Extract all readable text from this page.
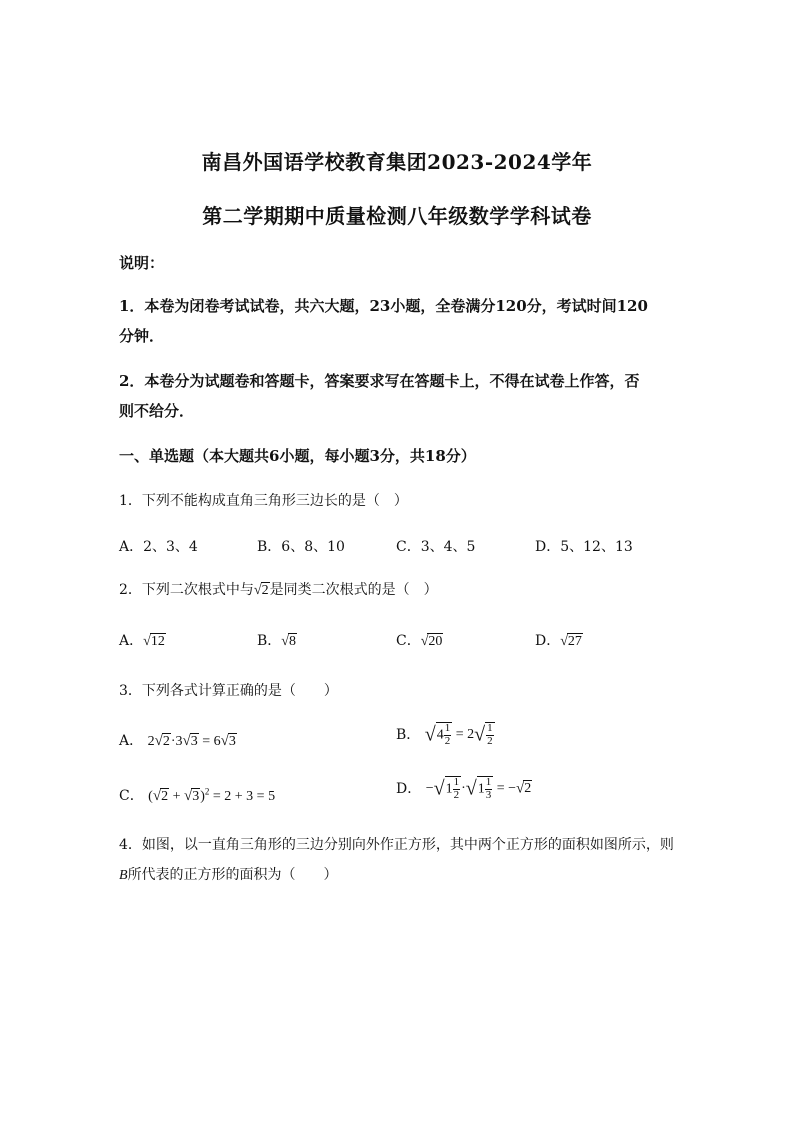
南昌外国语学校教育集团2023-2024学年
第二学期期中质量检测八年级数学学科试卷
说明：
1．本卷为闭卷考试试卷，共六大题，23小题，全卷满分120分，考试时间120
分钟．
2．本卷分为试题卷和答题卡，答案要求写在答题卡上，不得在试卷上作答，否
则不给分．
一、单选题（本大题共6小题，每小题3分，共18分）
1．下列不能构成直角三角形三边长的是（　）
A．2、3、4	B．6、8、10	C．3、4、5	D．5、12、13
2．下列二次根式中与√2是同类二次根式的是（　）
A．√12	B．√8	C．√20	D．√27
3．下列各式计算正确的是（　　）
A． 2√2·3√3 = 6√3	B． $√4 \frac{1}{2} = 2√ \frac{1}{2}$
C． $(√2 + √3)^2 = 2 + 3 = 5$	D． $-√1 \frac{1}{2} \cdot√1 \frac{1}{3} = -√2$
4．如图，以一直角三角形的三边分别向外作正方形，其中两个正方形的面积如图所示，则
B所代表的正方形的面积为（　　）
